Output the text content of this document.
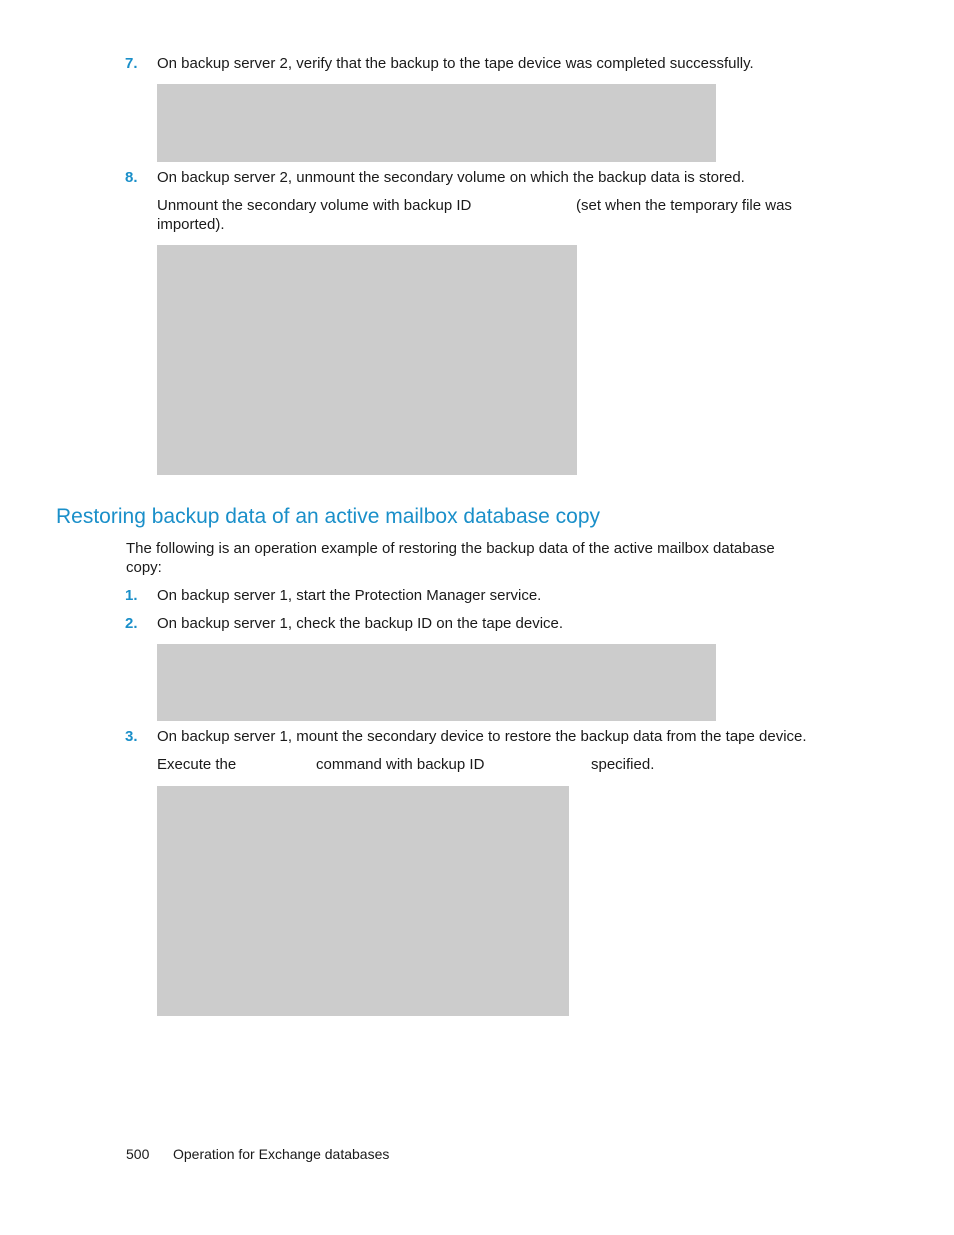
7. On backup server 2, verify that the backup to the tape device was completed successfully.
8. On backup server 2, unmount the secondary volume on which the backup data is stored.
Unmount the secondary volume with backup ID	(set when the temporary file was
imported).
Restoring backup data of an active mailbox database copy
The following is an operation example of restoring the backup data of the active mailbox database
copy:
1. On backup server 1, start the Protection Manager service.
2. On backup server 1, check the backup ID on the tape device.
3. On backup server 1, mount the secondary device to restore the backup data from the tape device.
Execute the	command with backup ID	specified.
500 Operation for Exchange databases
